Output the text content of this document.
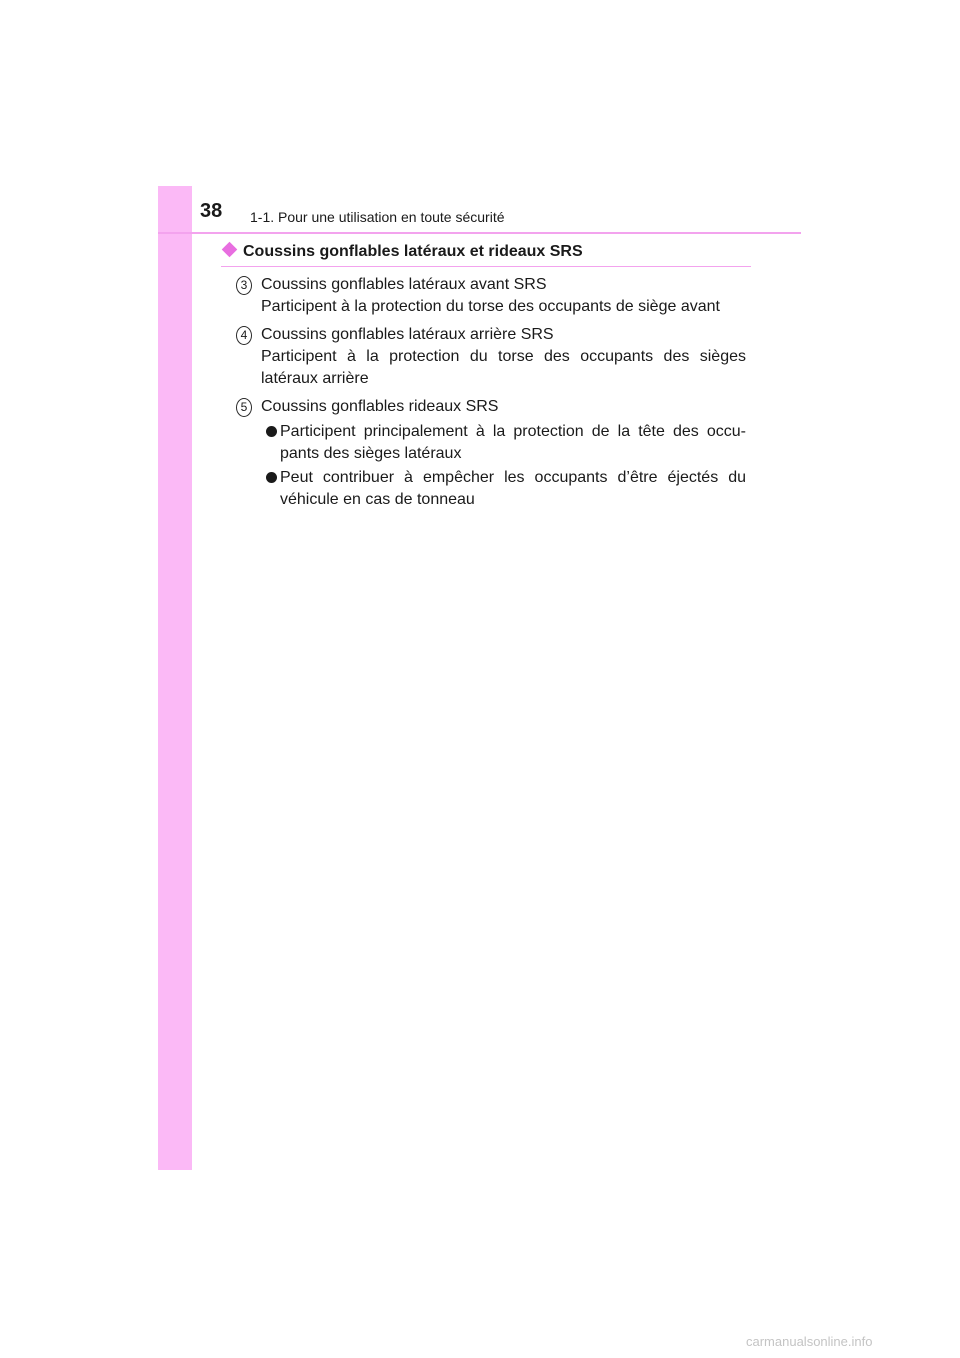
38 1-1. Pour une utilisation en toute sécurité
Coussins gonflables latéraux et rideaux SRS
3 Coussins gonflables latéraux avant SRS
Participent à la protection du torse des occupants de siège avant
4 Coussins gonflables latéraux arrière SRS
Participent à la protection du torse des occupants des sièges latéraux arrière
5 Coussins gonflables rideaux SRS
Participent principalement à la protection de la tête des occu-pants des sièges latéraux
Peut contribuer à empêcher les occupants d’être éjectés du véhicule en cas de tonneau
carmanualsonline.info
